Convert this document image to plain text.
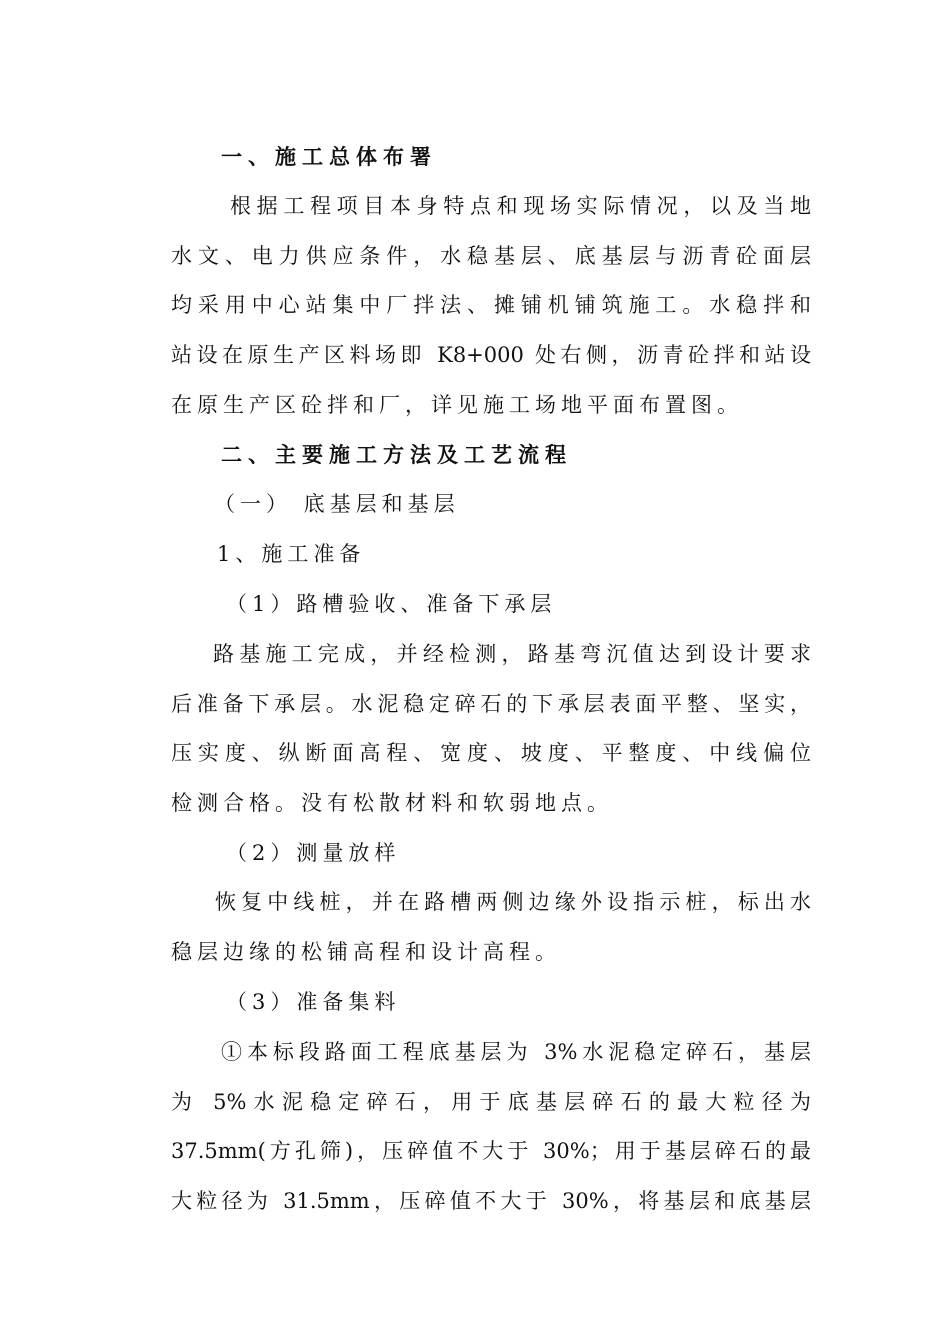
一、施工总体布署
根据工程项目本身特点和现场实际情况，以及当地
水文、电力供应条件，水稳基层、底基层与沥青砼面层
均采用中心站集中厂拌法、摊铺机铺筑施工。水稳拌和
站设在原生产区料场即 K8+000 处右侧，沥青砼拌和站设
在原生产区砼拌和厂，详见施工场地平面布置图。
二、主要施工方法及工艺流程
（一） 底基层和基层
1、施工准备
（1）路槽验收、准备下承层
路基施工完成，并经检测，路基弯沉值达到设计要求
后准备下承层。水泥稳定碎石的下承层表面平整、坚实，
压实度、纵断面高程、宽度、坡度、平整度、中线偏位
检测合格。没有松散材料和软弱地点。
（2）测量放样
恢复中线桩，并在路槽两侧边缘外设指示桩，标出水
稳层边缘的松铺高程和设计高程。
（3）准备集料
①本标段路面工程底基层为 3%水泥稳定碎石，基层
为 5%水泥稳定碎石，用于底基层碎石的最大粒径为
37.5mm(方孔筛)，压碎值不大于 30%；用于基层碎石的最
大粒径为 31.5mm，压碎值不大于 30%，将基层和底基层
